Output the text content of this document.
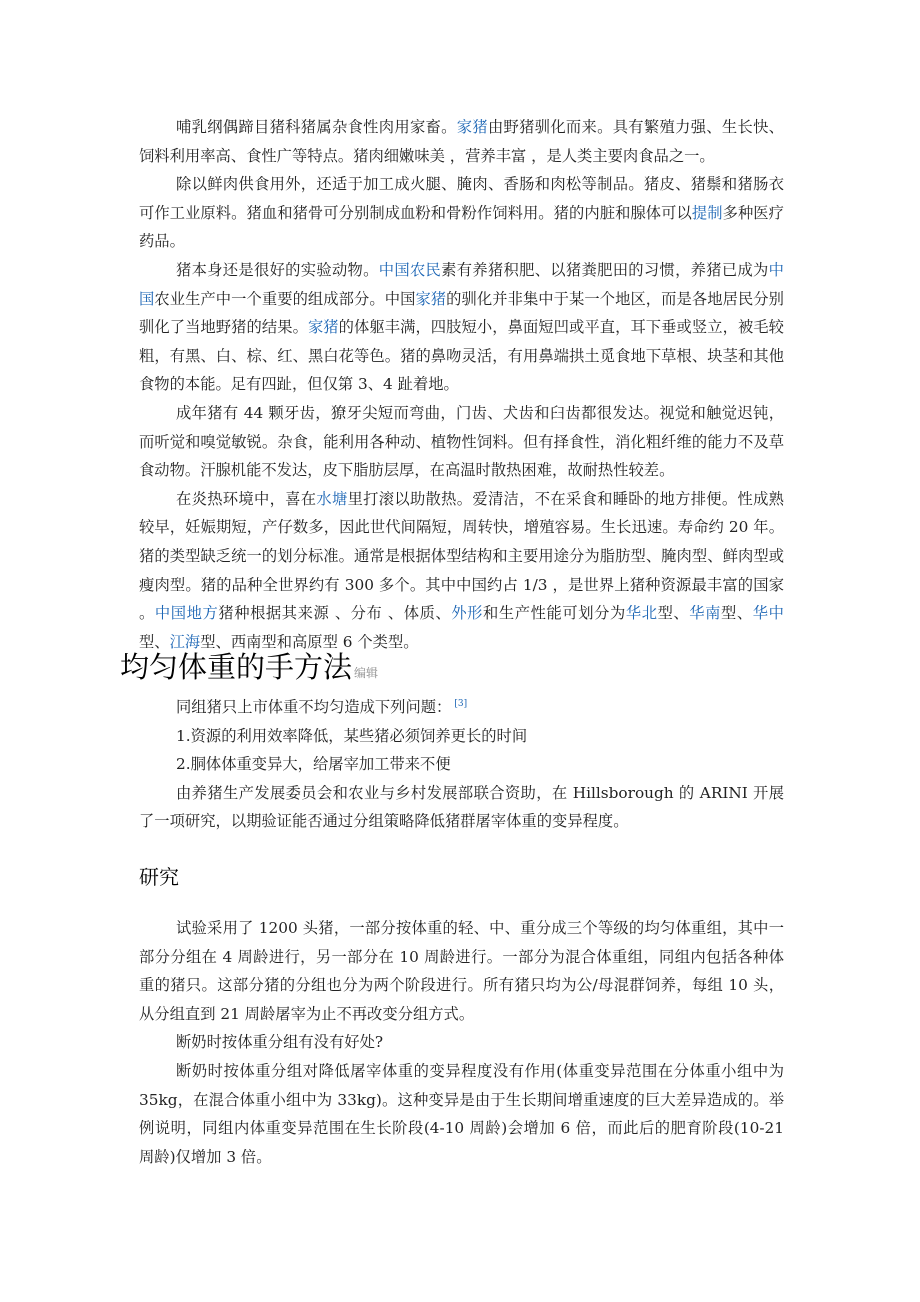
哺乳纲偶蹄目猪科猪属杂食性肉用家畜。家猪由野猪驯化而来。具有繁殖力强、生长快、饲料利用率高、食性广等特点。猪肉细嫩味美 ，营养丰富 ，是人类主要肉食品之一。

除以鲜肉供食用外，还适于加工成火腿、腌肉、香肠和肉松等制品。猪皮、猪鬃和猪肠衣可作工业原料。猪血和猪骨可分别制成血粉和骨粉作饲料用。猪的内脏和腺体可以提制多种医疗药品。

猪本身还是很好的实验动物。中国农民素有养猪积肥、以猪粪肥田的习惯，养猪已成为中国农业生产中一个重要的组成部分。中国家猪的驯化并非集中于某一个地区，而是各地居民分别驯化了当地野猪的结果。家猪的体躯丰满，四肢短小，鼻面短凹或平直，耳下垂或竖立，被毛较粗，有黑、白、棕、红、黑白花等色。猪的鼻吻灵活，有用鼻端拱土觅食地下草根、块茎和其他食物的本能。足有四趾，但仅第 3、4 趾着地。

成年猪有 44 颗牙齿，獠牙尖短而弯曲，门齿、犬齿和臼齿都很发达。视觉和触觉迟钝，而听觉和嗅觉敏锐。杂食，能利用各种动、植物性饲料。但有择食性，消化粗纤维的能力不及草食动物。汗腺机能不发达，皮下脂肪层厚，在高温时散热困难，故耐热性较差。

在炎热环境中，喜在水塘里打滚以助散热。爱清洁，不在采食和睡卧的地方排便。性成熟较早，妊娠期短，产仔数多，因此世代间隔短，周转快，增殖容易。生长迅速。寿命约 20 年。 猪的类型缺乏统一的划分标准。通常是根据体型结构和主要用途分为脂肪型、腌肉型、鲜肉型或瘦肉型。猪的品种全世界约有 300 多个。其中中国约占 1/3 ，是世界上猪种资源最丰富的国家 。中国地方猪种根据其来源 、分布 、体质、外形和生产性能可划分为华北型、华南型、华中型、江海型、西南型和高原型 6 个类型。

均匀体重的手方法 编辑

同组猪只上市体重不均匀造成下列问题： [3]

1.资源的利用效率降低，某些猪必须饲养更长的时间

2.胴体体重变异大，给屠宰加工带来不便

由养猪生产发展委员会和农业与乡村发展部联合资助，在 Hillsborough 的 ARINI 开展了一项研究，以期验证能否通过分组策略降低猪群屠宰体重的变异程度。

研究

试验采用了 1200 头猪，一部分按体重的轻、中、重分成三个等级的均匀体重组，其中一部分分组在 4 周龄进行，另一部分在 10 周龄进行。一部分为混合体重组，同组内包括各种体重的猪只。这部分猪的分组也分为两个阶段进行。所有猪只均为公/母混群饲养，每组 10 头，从分组直到 21 周龄屠宰为止不再改变分组方式。

断奶时按体重分组有没有好处?

断奶时按体重分组对降低屠宰体重的变异程度没有作用(体重变异范围在分体重小组中为 35kg，在混合体重小组中为 33kg)。这种变异是由于生长期间增重速度的巨大差异造成的。举例说明，同组内体重变异范围在生长阶段(4-10 周龄)会增加 6 倍，而此后的肥育阶段(10-21 周龄)仅增加 3 倍。
